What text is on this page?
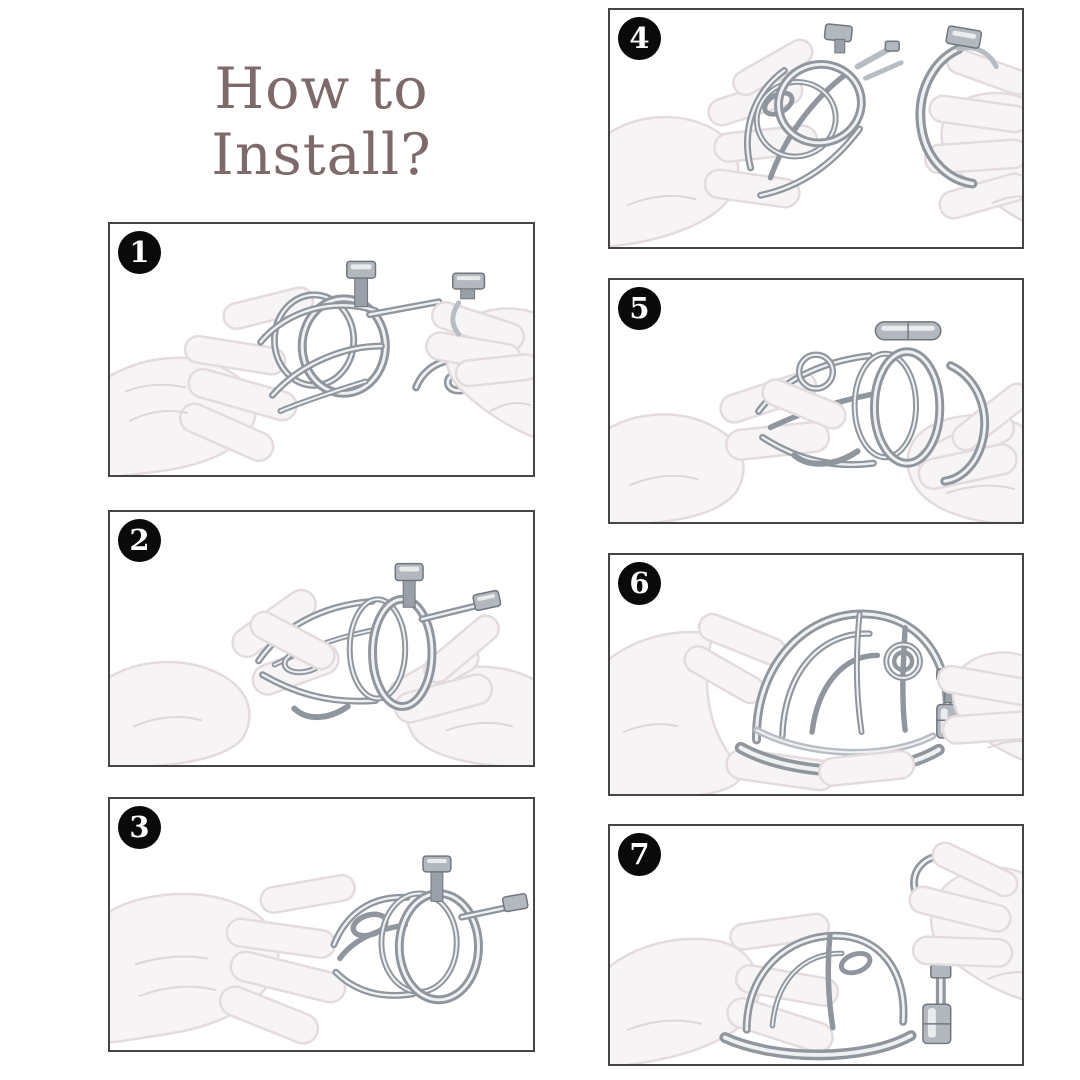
How to Install?
1
2
3
4
5
6
7
